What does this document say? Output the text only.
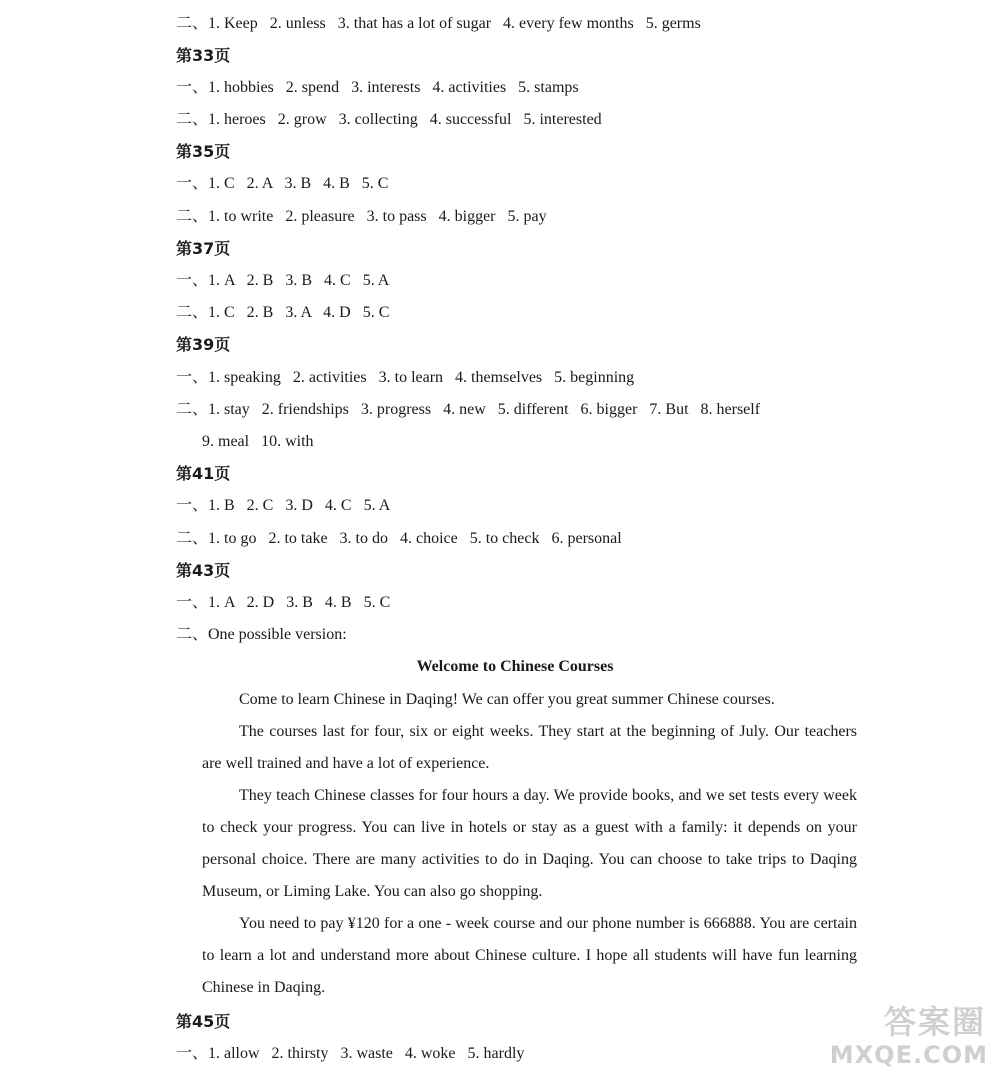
二、1. Keep   2. unless   3. that has a lot of sugar   4. every few months   5. germs
第33页
一、1. hobbies   2. spend   3. interests   4. activities   5. stamps
二、1. heroes   2. grow   3. collecting   4. successful   5. interested
第35页
一、1. C   2. A   3. B   4. B   5. C
二、1. to write   2. pleasure   3. to pass   4. bigger   5. pay
第37页
一、1. A   2. B   3. B   4. C   5. A
二、1. C   2. B   3. A   4. D   5. C
第39页
一、1. speaking   2. activities   3. to learn   4. themselves   5. beginning
二、1. stay   2. friendships   3. progress   4. new   5. different   6. bigger   7. But   8. herself
9. meal   10. with
第41页
一、1. B   2. C   3. D   4. C   5. A
二、1. to go   2. to take   3. to do   4. choice   5. to check   6. personal
第43页
一、1. A   2. D   3. B   4. B   5. C
二、One possible version:
Welcome to Chinese Courses
Come to learn Chinese in Daqing! We can offer you great summer Chinese courses.
The courses last for four, six or eight weeks. They start at the beginning of July. Our teachers are well trained and have a lot of experience.
They teach Chinese classes for four hours a day. We provide books, and we set tests every week to check your progress. You can live in hotels or stay as a guest with a family: it depends on your personal choice. There are many activities to do in Daqing. You can choose to take trips to Daqing Museum, or Liming Lake. You can also go shopping.
You need to pay ¥120 for a one - week course and our phone number is 666888. You are certain to learn a lot and understand more about Chinese culture. I hope all students will have fun learning Chinese in Daqing.
第45页
一、1. allow   2. thirsty   3. waste   4. woke   5. hardly
答案圈
MXQE.COM
